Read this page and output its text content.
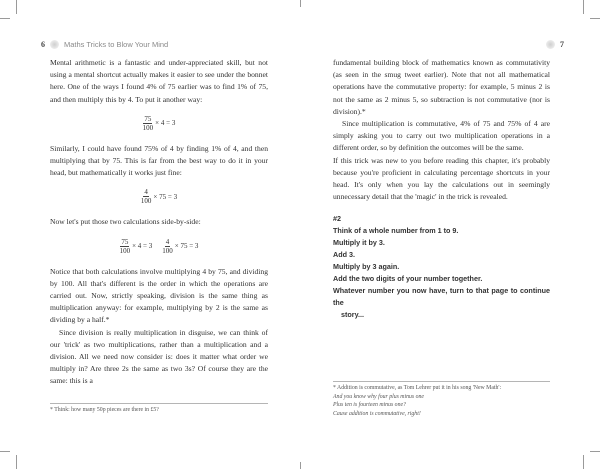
6	Maths Tricks to Blow Your Mind

Mental arithmetic is a fantastic and under-appreciated skill, but not using a mental shortcut actually makes it easier to see under the bonnet here. One of the ways I found 4% of 75 earlier was to find 1% of 75, and then multiply this by 4. To put it another way:

$\frac{75}{100} \times 4 = 3$

Similarly, I could have found 75% of 4 by finding 1% of 4, and then multiplying that by 75. This is far from the best way to do it in your head, but mathematically it works just fine:

$\frac{4}{100} \times 75 = 3$

Now let's put those two calculations side-by-side:

$\frac{75}{100} \times 4 = 3 \frac{4}{100} \times 75 = 3$

Notice that both calculations involve multiplying 4 by 75, and dividing by 100. All that's different is the order in which the operations are carried out. Now, strictly speaking, division is the same thing as multiplication anyway: for example, multiplying by 2 is the same as dividing by a half.*

Since division is really multiplication in disguise, we can think of our 'trick' as two multiplications, rather than a multiplication and a division. All we need now consider is: does it matter what order we multiply in? Are three 2s the same as two 3s? Of course they are the same: this is a

* Think: how many 50p pieces are there in £5?
7

fundamental building block of mathematics known as commutativity (as seen in the smug tweet earlier). Note that not all mathematical operations have the commutative property: for example, 5 minus 2 is not the same as 2 minus 5, so subtraction is not commutative (nor is division).*

Since multiplication is commutative, 4% of 75 and 75% of 4 are simply asking you to carry out two multiplication operations in a different order, so by definition the outcomes will be the same.

If this trick was new to you before reading this chapter, it's probably because you're proficient in calculating percentage shortcuts in your head. It's only when you lay the calculations out in seemingly unnecessary detail that the 'magic' in the trick is revealed.

#2
Think of a whole number from 1 to 9.
Multiply it by 3.
Add 3.
Multiply by 3 again.
Add the two digits of your number together.
Whatever number you now have, turn to that page to continue the
story...
* Addition is commutative, as Tom Lehrer put it in his song 'New Math':
And you know why four plus minus one
Plus ten is fourteen minus one?
Cause addition is commutative, right!
